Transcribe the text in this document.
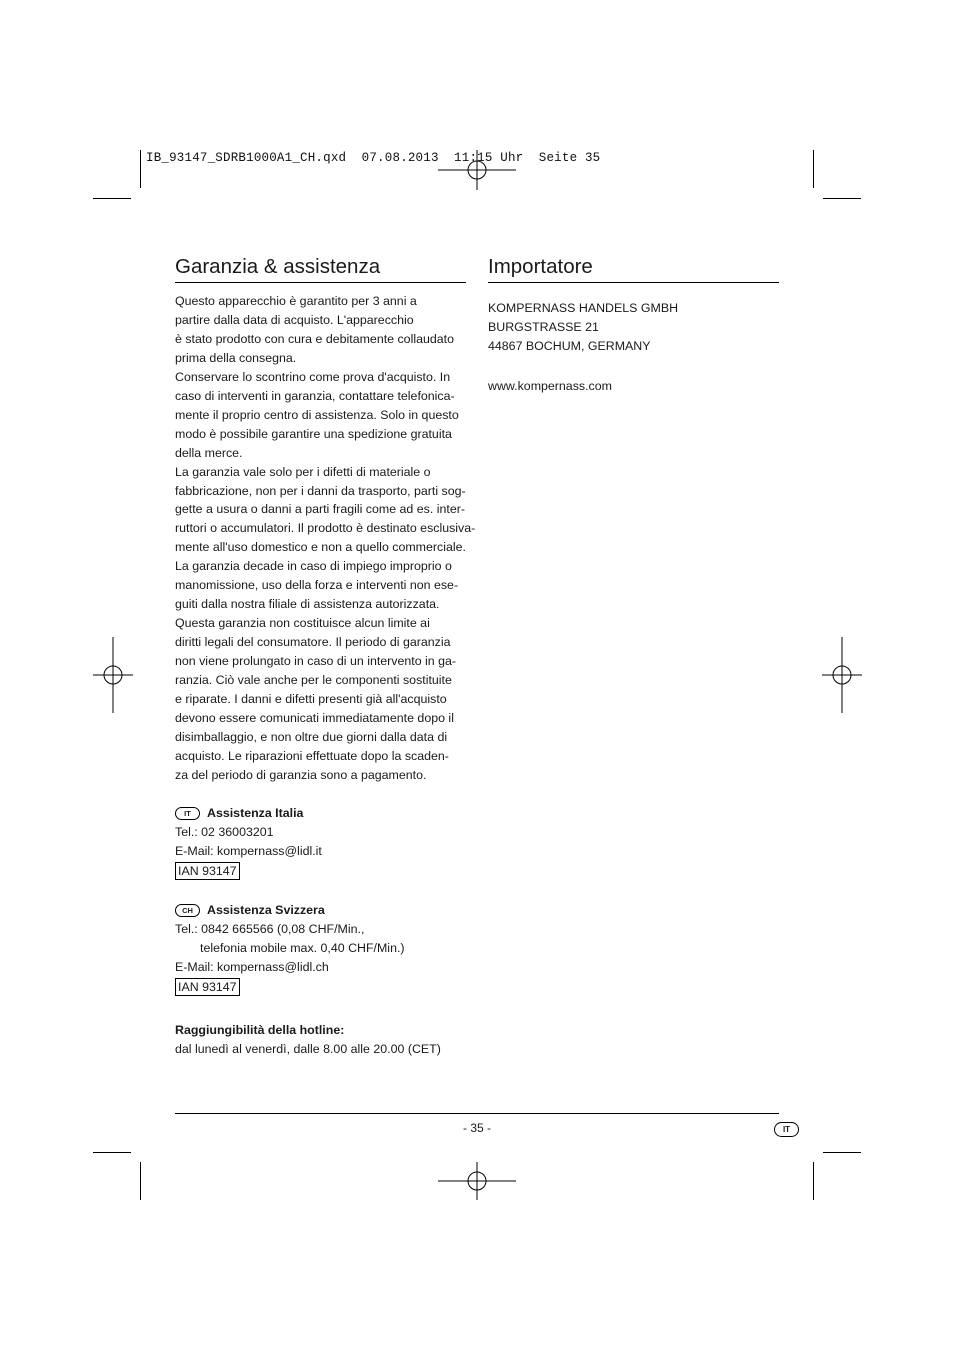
IB_93147_SDRB1000A1_CH.qxd  07.08.2013  11:15 Uhr  Seite 35
Garanzia & assistenza
Questo apparecchio è garantito per 3 anni a
partire dalla data di acquisto. L'apparecchio
è stato prodotto con cura e debitamente collaudato
prima della consegna.
Conservare lo scontrino come prova d'acquisto. In
caso di interventi in garanzia, contattare telefonica-
mente il proprio centro di assistenza. Solo in questo
modo è possibile garantire una spedizione gratuita
della merce.
La garanzia vale solo per i difetti di materiale o
fabbricazione, non per i danni da trasporto, parti sog-
gette a usura o danni a parti fragili come ad es. inter-
ruttori o accumulatori. Il prodotto è destinato esclusiva-
mente all'uso domestico e non a quello commerciale.
La garanzia decade in caso di impiego improprio o
manomissione, uso della forza e interventi non ese-
guiti dalla nostra filiale di assistenza autorizzata.
Questa garanzia non costituisce alcun limite ai
diritti legali del consumatore. Il periodo di garanzia
non viene prolungato in caso di un intervento in ga-
ranzia. Ciò vale anche per le componenti sostituite
e riparate. I danni e difetti presenti già all'acquisto
devono essere comunicati immediatamente dopo il
disimballaggio, e non oltre due giorni dalla data di
acquisto. Le riparazioni effettuate dopo la scaden-
za del periodo di garanzia sono a pagamento.
IT Assistenza Italia
Tel.: 02 36003201
E-Mail: kompernass@lidl.it
IAN 93147
CH Assistenza Svizzera
Tel.: 0842 665566 (0,08 CHF/Min.,
telefonia mobile max. 0,40 CHF/Min.)
E-Mail: kompernass@lidl.ch
IAN 93147
Raggiungibilità della hotline:
dal lunedì al venerdì, dalle 8.00 alle 20.00 (CET)
Importatore
KOMPERNASS HANDELS GMBH
BURGSTRASSE 21
44867 BOCHUM, GERMANY
www.kompernass.com
- 35 -	IT
